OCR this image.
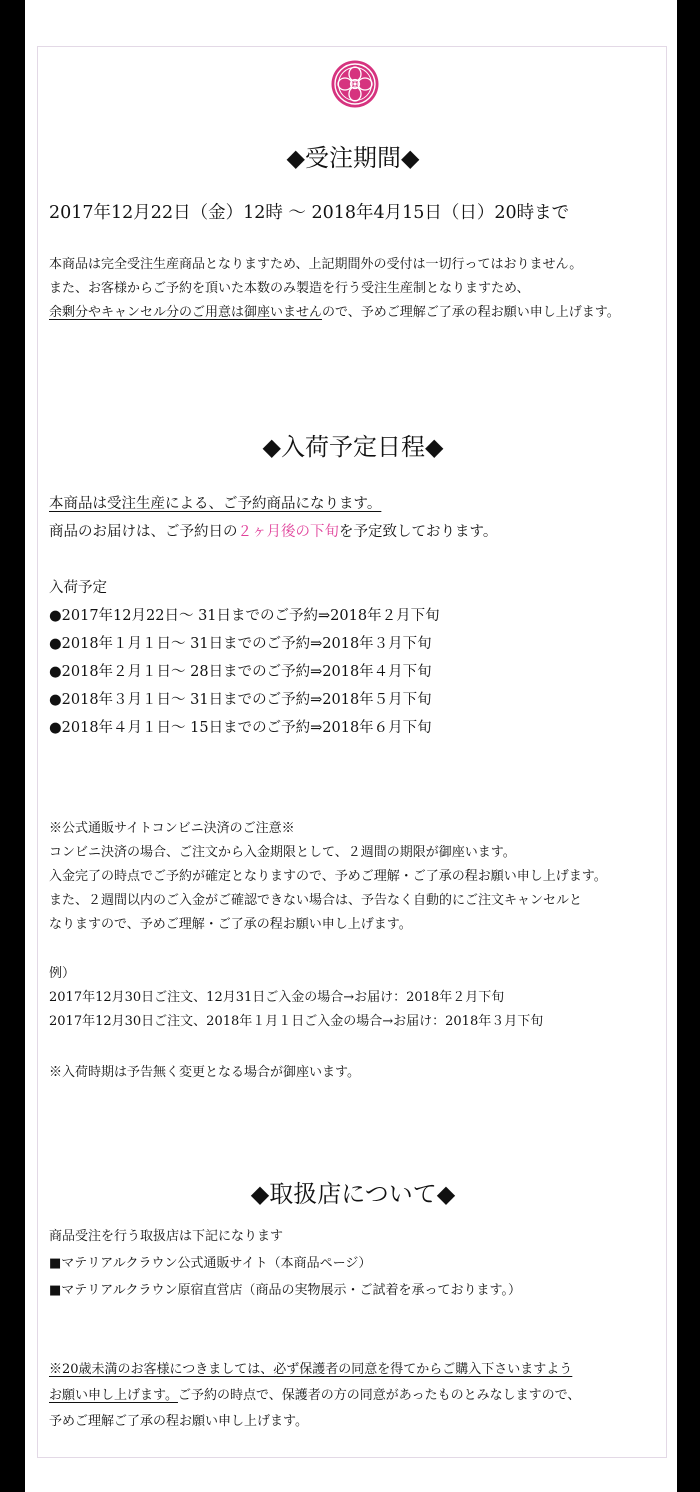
◆受注期間◆

2017年12月22日（金）12時 〜 2018年4月15日（日）20時まで

本商品は完全受注生産商品となりますため、上記期間外の受付は一切行ってはおりません。

また、お客様からご予約を頂いた本数のみ製造を行う受注生産制となりますため、

余剰分やキャンセル分のご用意は御座いませんので、予めご理解ご了承の程お願い申し上げます。

◆入荷予定日程◆

本商品は受注生産による、ご予約商品になります。

商品のお届けは、ご予約日の２ヶ月後の下旬を予定致しております。

入荷予定

●2017年12月22日〜 31日までのご予約⇒2018年２月下旬

●2018年１月１日〜 31日までのご予約⇒2018年３月下旬

●2018年２月１日〜 28日までのご予約⇒2018年４月下旬

●2018年３月１日〜 31日までのご予約⇒2018年５月下旬

●2018年４月１日〜 15日までのご予約⇒2018年６月下旬

※公式通販サイトコンビニ決済のご注意※

コンビニ決済の場合、ご注文から入金期限として、２週間の期限が御座います。

入金完了の時点でご予約が確定となりますので、予めご理解・ご了承の程お願い申し上げます。

また、２週間以内のご入金がご確認できない場合は、予告なく自動的にご注文キャンセルと

なりますので、予めご理解・ご了承の程お願い申し上げます。

例）

2017年12月30日ご注文、12月31日ご入金の場合→お届け：2018年２月下旬

2017年12月30日ご注文、2018年１月１日ご入金の場合→お届け：2018年３月下旬

※入荷時期は予告無く変更となる場合が御座います。

◆取扱店について◆

商品受注を行う取扱店は下記になります

■マテリアルクラウン公式通販サイト（本商品ページ）

■マテリアルクラウン原宿直営店（商品の実物展示・ご試着を承っております。）

※20歳未満のお客様につきましては、必ず保護者の同意を得てからご購入下さいますよう

お願い申し上げます。ご予約の時点で、保護者の方の同意があったものとみなしますので、

予めご理解ご了承の程お願い申し上げます。
